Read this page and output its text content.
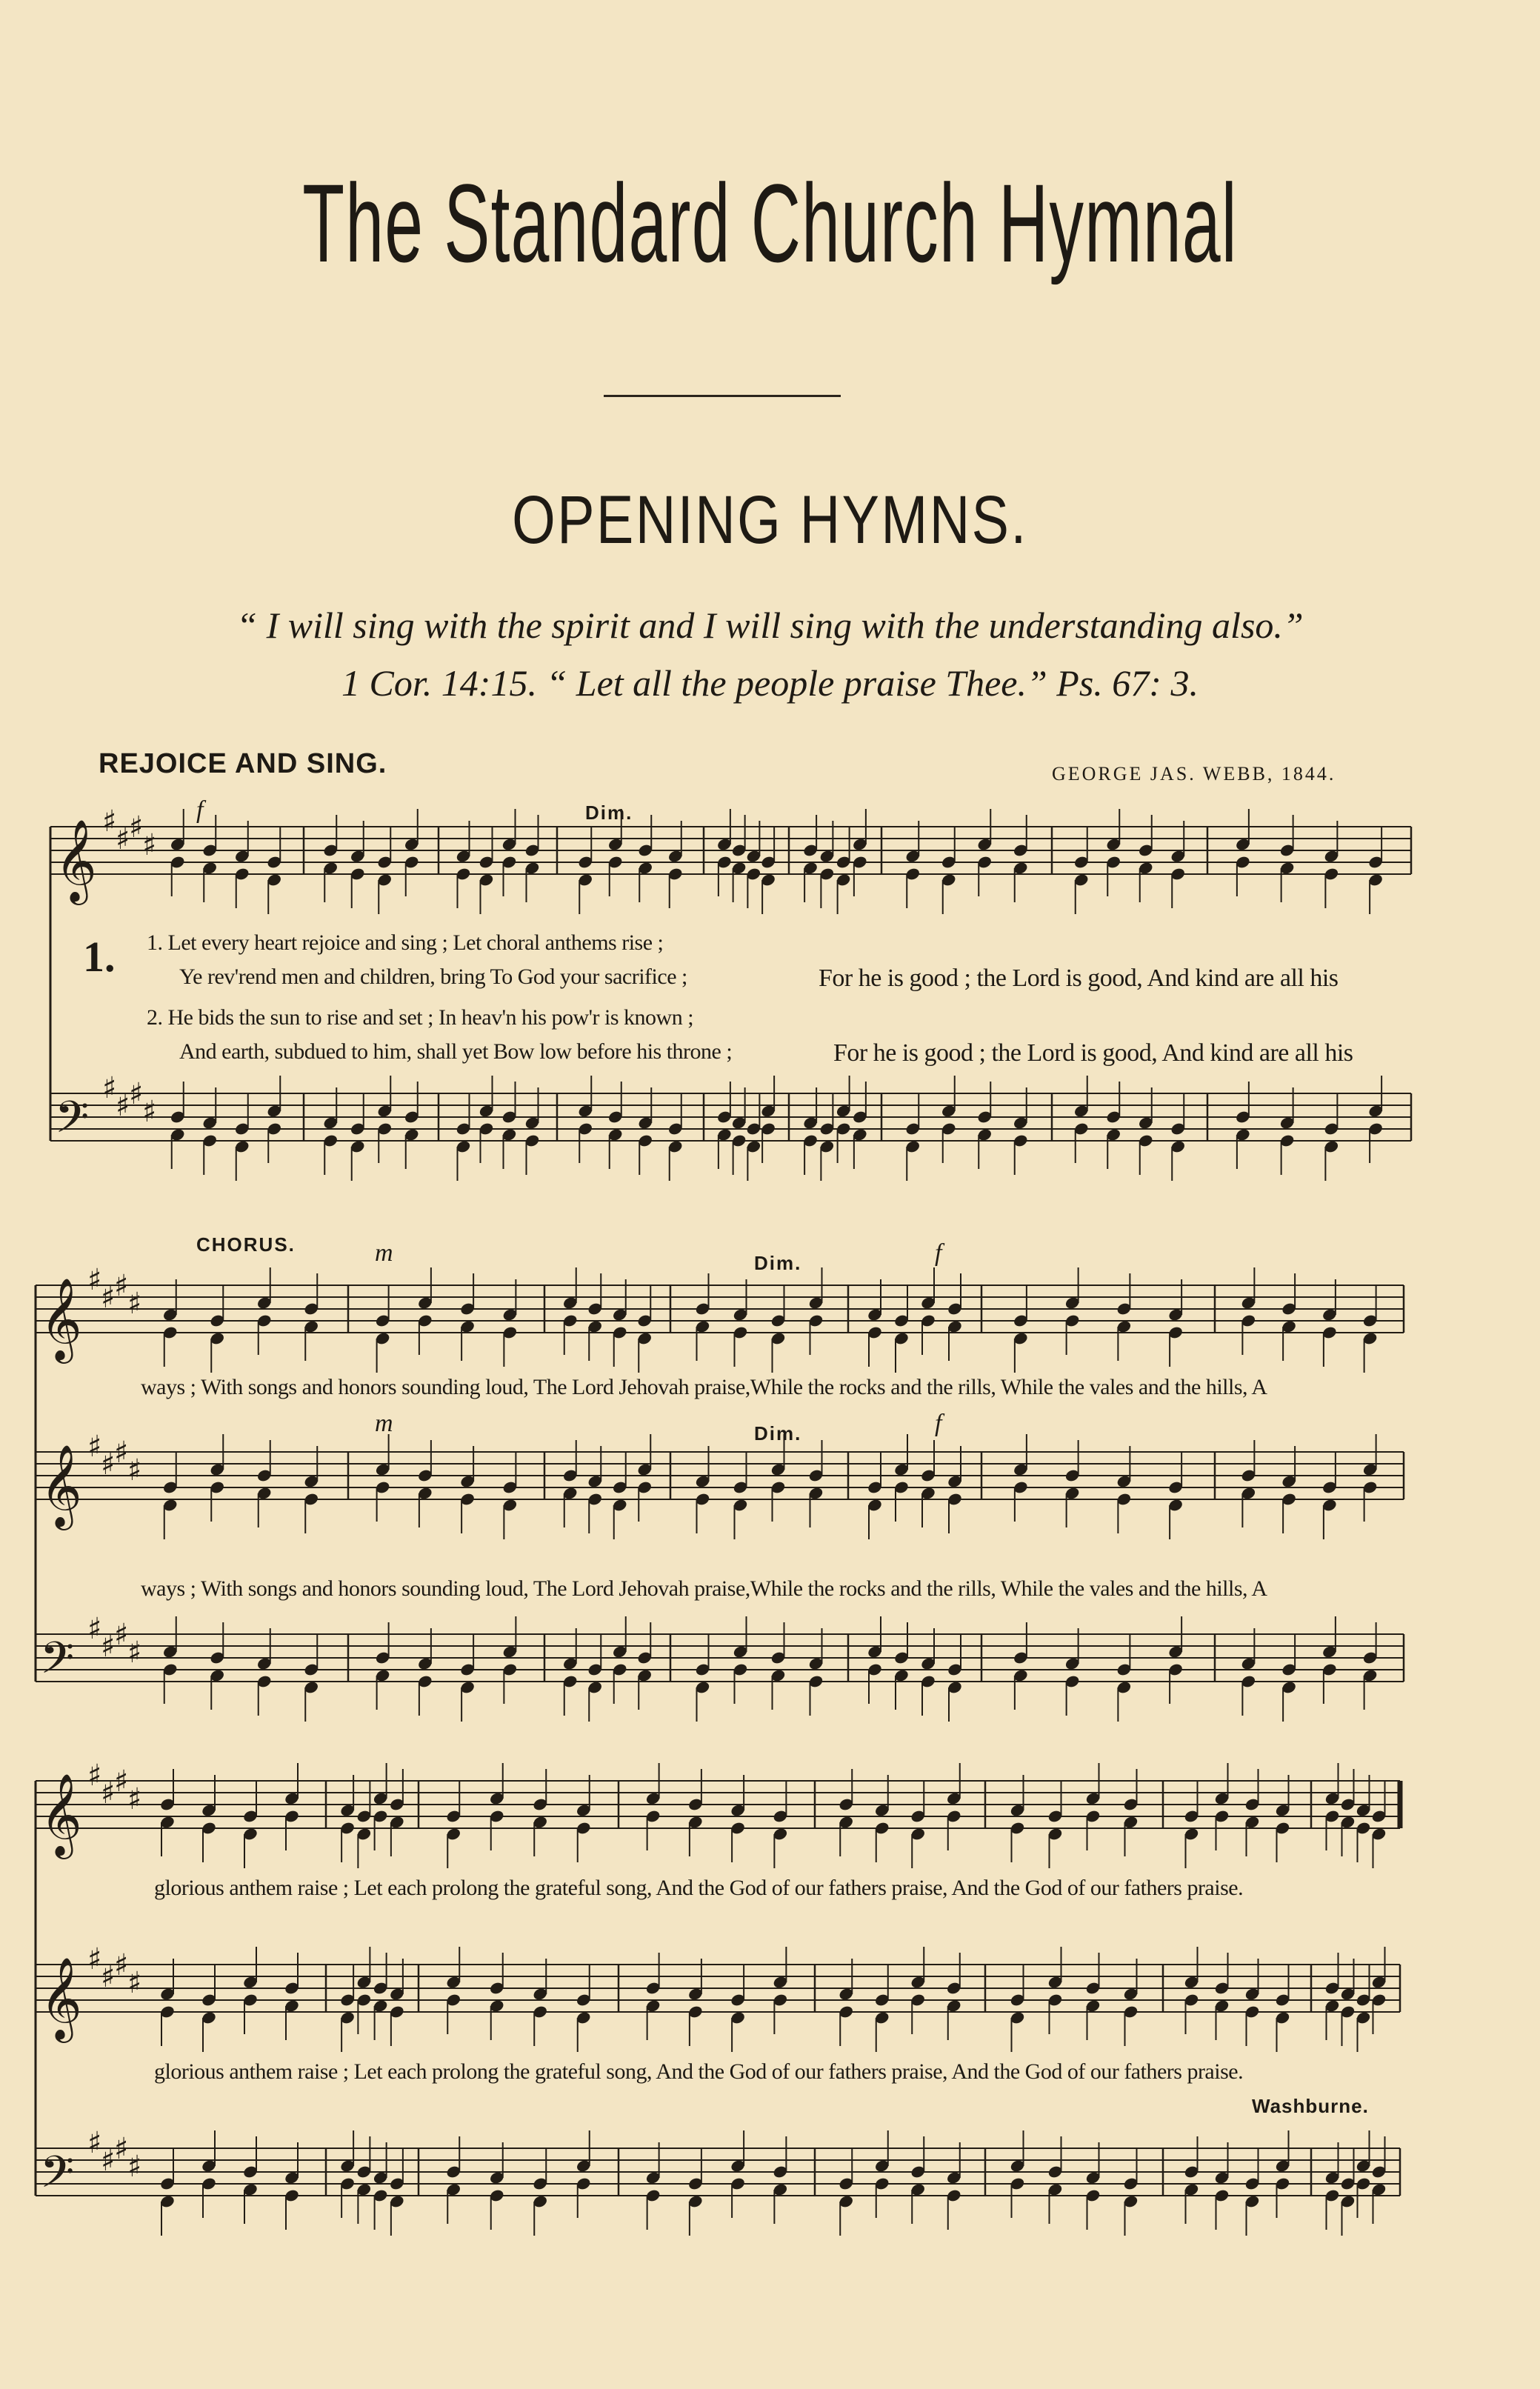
𝄞 ♯
♯
♯
♯
𝄢
♯
♯
♯
♯
𝄞 ♯
♯
♯
♯
𝄞 ♯
♯
♯
♯
𝄢
♯
♯
♯
♯
𝄞 ♯
♯
♯
♯
𝄞 ♯
♯
♯
♯
𝄢
♯
♯
♯
♯
The Standard Church Hymnal
OPENING HYMNS.
“ I will sing with the spirit and I will sing with the understanding also.”
1 Cor. 14:15. “ Let all the people praise Thee.” Ps. 67: 3.
REJOICE AND SING.	GEORGE JAS. WEBB, 1844.
f	Dim.
1. 1. Let every heart rejoice and sing ; Let choral anthems rise ;
Ye rev'rend men and children, bring To God your sacrifice ;	For he is good ; the Lord is good, And kind are all his
2. He bids the sun to rise and set ; In heav'n his pow'r is known ;
And earth, subdued to him, shall yet Bow low before his throne ;	For he is good ; the Lord is good, And kind are all his
CHORUS.	m	Dim.	f
m	Dim.	f
ways ; With songs and honors sounding loud, The Lord Jehovah praise,While the rocks and the rills, While the vales and the hills, A
ways ; With songs and honors sounding loud, The Lord Jehovah praise,While the rocks and the rills, While the vales and the hills, A
glorious anthem raise ; Let each prolong the grateful song, And the God of our fathers praise, And the God of our fathers praise.
glorious anthem raise ; Let each prolong the grateful song, And the God of our fathers praise, And the God of our fathers praise.
Washburne.
